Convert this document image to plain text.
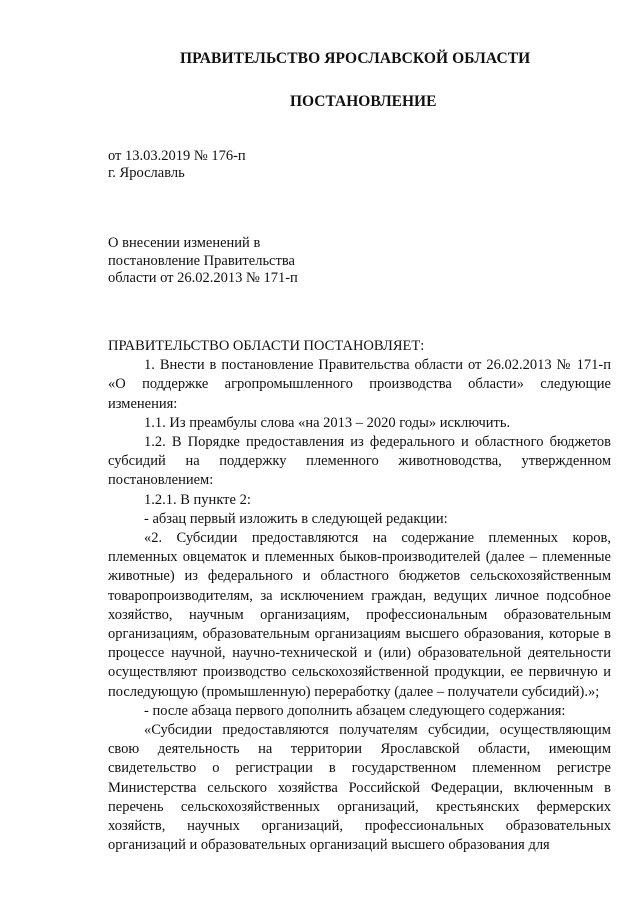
ПРАВИТЕЛЬСТВО ЯРОСЛАВСКОЙ ОБЛАСТИ
ПОСТАНОВЛЕНИЕ
от 13.03.2019 № 176-п
г. Ярославль
О внесении изменений в
постановление Правительства
области от 26.02.2013 № 171-п

ПРАВИТЕЛЬСТВО ОБЛАСТИ ПОСТАНОВЛЯЕТ:

1. Внести в постановление Правительства области от 26.02.2013 № 171-п «О поддержке агропромышленного производства области» следующие изменения:

1.1. Из преамбулы слова «на 2013 – 2020 годы» исключить.

1.2. В Порядке предоставления из федерального и областного бюджетов субсидий на поддержку племенного животноводства, утвержденном постановлением:

1.2.1. В пункте 2:

- абзац первый изложить в следующей редакции:

«2. Субсидии предоставляются на содержание племенных коров, племенных овцематок и племенных быков-производителей (далее – племенные животные) из федерального и областного бюджетов сельскохозяйственным товаропроизводителям, за исключением граждан, ведущих личное подсобное хозяйство, научным организациям, профессиональным образовательным организациям, образовательным организациям высшего образования, которые в процессе научной, научно-технической и (или) образовательной деятельности осуществляют производство сельскохозяйственной продукции, ее первичную и последующую (промышленную) переработку (далее – получатели субсидий).»;

- после абзаца первого дополнить абзацем следующего содержания:

«Субсидии предоставляются получателям субсидии, осуществляющим свою деятельность на территории Ярославской области, имеющим свидетельство о регистрации в государственном племенном регистре Министерства сельского хозяйства Российской Федерации, включенным в перечень сельскохозяйственных организаций, крестьянских фермерских хозяйств, научных организаций, профессиональных образовательных организаций и образовательных организаций высшего образования для
